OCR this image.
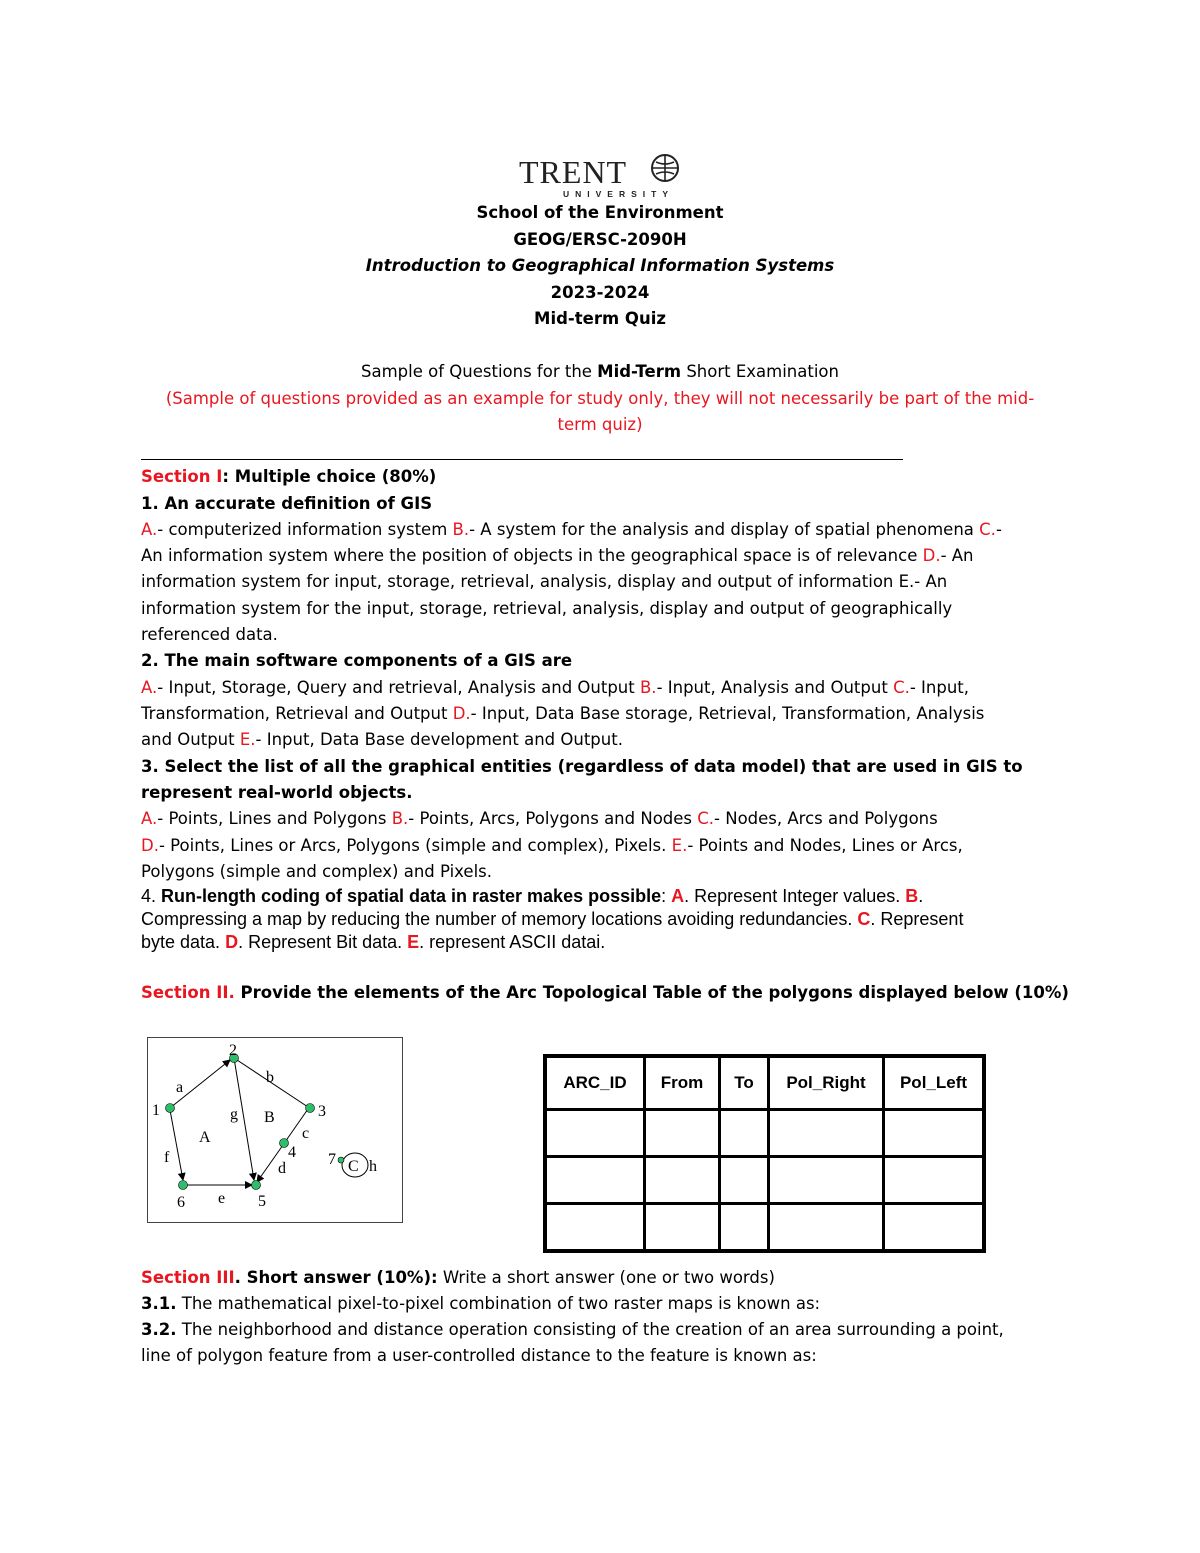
TRENT
UNIVERSITY
School of the Environment
GEOG/ERSC-2090H
Introduction to Geographical Information Systems
2023-2024
Mid-term Quiz
Sample of Questions for the Mid-Term Short Examination
(Sample of questions provided as an example for study only, they will not necessarily be part of the mid-
term quiz)
Section I: Multiple choice (80%)
1. An accurate definition of GIS
A.- computerized information system B.- A system for the analysis and display of spatial phenomena C.-
An information system where the position of objects in the geographical space is of relevance D.- An
information system for input, storage, retrieval, analysis, display and output of information E.- An
information system for the input, storage, retrieval, analysis, display and output of geographically
referenced data.
2. The main software components of a GIS are
A.- Input, Storage, Query and retrieval, Analysis and Output B.- Input, Analysis and Output C.- Input,
Transformation, Retrieval and Output D.- Input, Data Base storage, Retrieval, Transformation, Analysis
and Output E.- Input, Data Base development and Output.
3. Select the list of all the graphical entities (regardless of data model) that are used in GIS to
represent real-world objects.
A.- Points, Lines and Polygons B.- Points, Arcs, Polygons and Nodes C.- Nodes, Arcs and Polygons
D.- Points, Lines or Arcs, Polygons (simple and complex), Pixels. E.- Points and Nodes, Lines or Arcs,
Polygons (simple and complex) and Pixels.
4. Run-length coding of spatial data in raster makes possible: A. Represent Integer values. B.
Compressing a map by reducing the number of memory locations avoiding redundancies. C. Represent
byte data. D. Represent Bit data. E. represent ASCII datai.
Section II. Provide the elements of the Arc Topological Table of the polygons displayed below (10%)
1
2
3
4
5
6
7
a
b
c
d
e
f
g
h
A
B
C
ARC_ID	From	To	Pol_Right	Pol_Left

Section III. Short answer (10%): Write a short answer (one or two words)
3.1. The mathematical pixel-to-pixel combination of two raster maps is known as:
3.2. The neighborhood and distance operation consisting of the creation of an area surrounding a point,
line of polygon feature from a user-controlled distance to the feature is known as:
